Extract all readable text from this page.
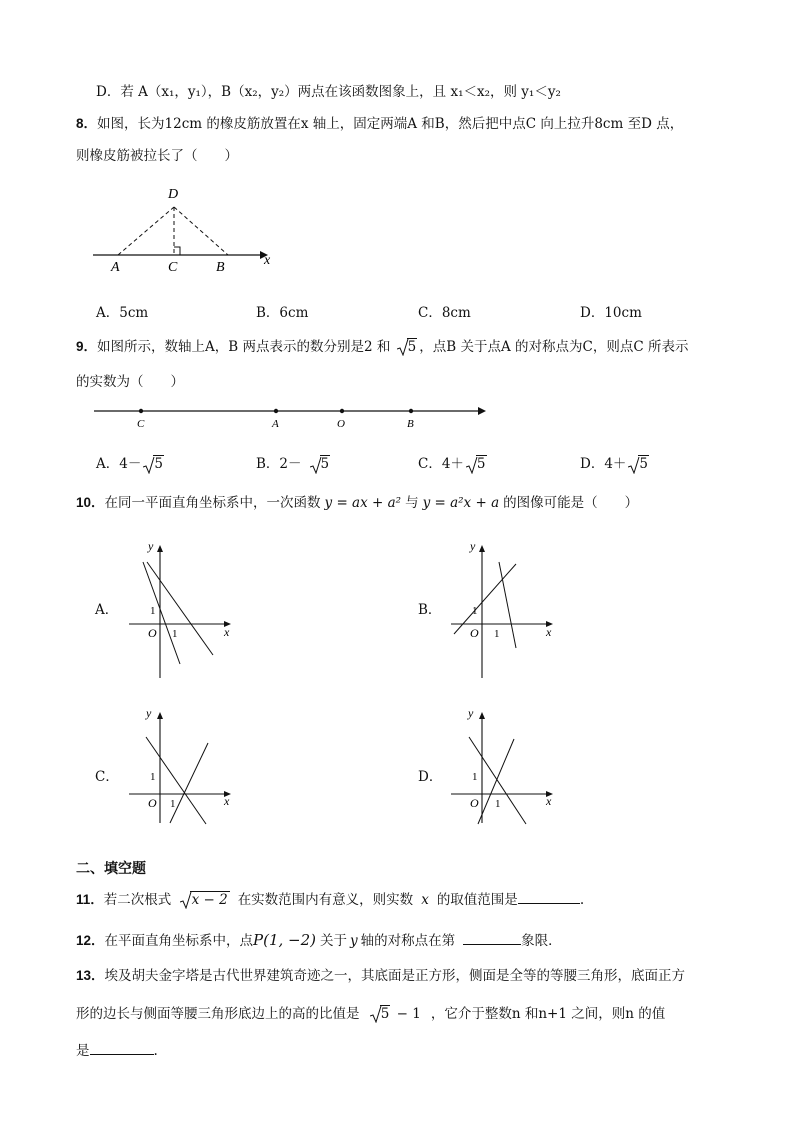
D．若 A（x₁，y₁），B（x₂，y₂）两点在该函数图象上，且 x₁＜x₂，则 y₁＜y₂
8．如图，长为12cm 的橡皮筋放置在x 轴上，固定两端A 和B，然后把中点C 向上拉升8cm 至D 点，
则橡皮筋被拉长了（　　）
D
A	C	B	x
A．5cm	B．6cm	C．8cm	D．10cm
9．如图所示，数轴上A，B 两点表示的数分别是2 和 5 ，点B 关于点A 的对称点为C，则点C 所表示
的实数为（　　）
C	A	O	B
A．4－ 5	B．2－ 5	C．4＋ 5	D．4＋ 5
10．在同一平面直角坐标系中，一次函数 y = ax + a² 与 y = a²x + a 的图像可能是（　　）
A．
y
x
O
1
1
B．
y
x
O
1
1
C．
y
x
O
1
1
D．
y
x
O
1
1
二、填空题
11．若二次根式 x − 2 在实数范围内有意义，则实数 x 的取值范围是	.
12．在平面直角坐标系中，点P(1, −2) 关于 y 轴的对称点在第	象限．
13．埃及胡夫金字塔是古代世界建筑奇迹之一，其底面是正方形，侧面是全等的等腰三角形，底面正方
形的边长与侧面等腰三角形底边上的高的比值是 5 − 1 ，它介于整数n 和n+1 之间，则n 的值
是	.
